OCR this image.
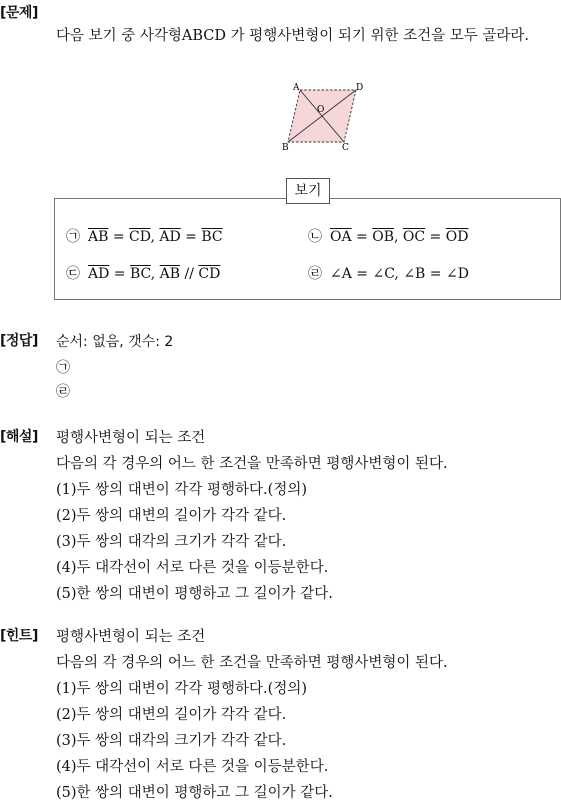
[문제]
다음 보기 중 사각형ABCD 가 평행사변형이 되기 위한 조건을 모두 골라라.
A	D
B	C
O
보기
㉠ $\overline{AB} = \overline{CD}$, $\overline{AD} = \overline{BC}$	㉡ $\overline{OA} = \overline{OB}$, $\overline{OC} = \overline{OD}$
㉢ $\overline{AD} = \overline{BC}$, $\overline{AB} // \overline{CD}$	㉣ ∠A = ∠C, ∠B = ∠D
[정답] 순서: 없음, 갯수: 2
㉠
㉣
[해설] 평행사변형이 되는 조건
다음의 각 경우의 어느 한 조건을 만족하면 평행사변형이 된다.
(1)두 쌍의 대변이 각각 평행하다.(정의)
(2)두 쌍의 대변의 길이가 각각 같다.
(3)두 쌍의 대각의 크기가 각각 같다.
(4)두 대각선이 서로 다른 것을 이등분한다.
(5)한 쌍의 대변이 평행하고 그 길이가 같다.
[힌트] 평행사변형이 되는 조건
다음의 각 경우의 어느 한 조건을 만족하면 평행사변형이 된다.
(1)두 쌍의 대변이 각각 평행하다.(정의)
(2)두 쌍의 대변의 길이가 각각 같다.
(3)두 쌍의 대각의 크기가 각각 같다.
(4)두 대각선이 서로 다른 것을 이등분한다.
(5)한 쌍의 대변이 평행하고 그 길이가 같다.
